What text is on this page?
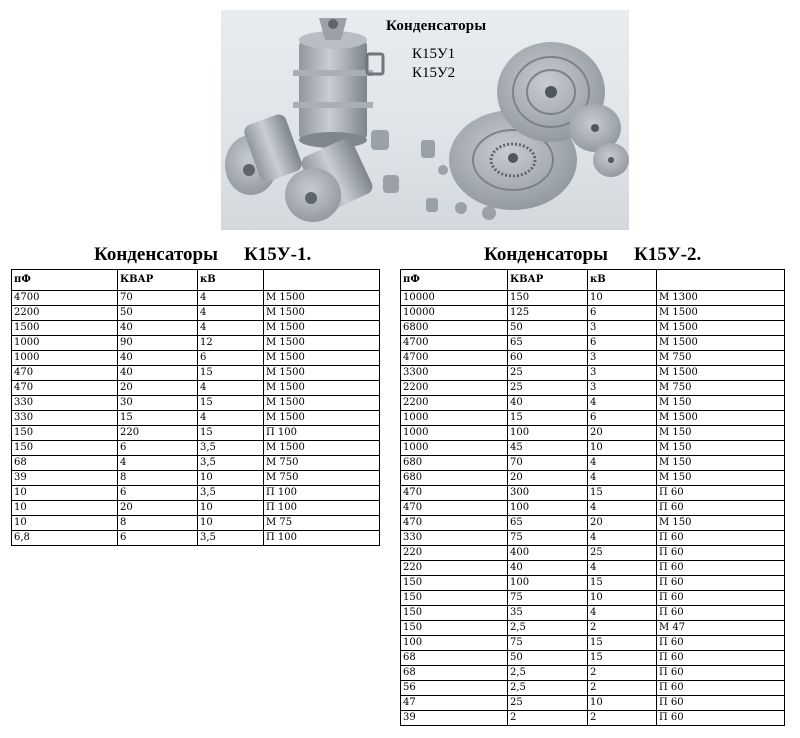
Конденсаторы
К15У1
К15У2
Конденсаторы К15У-1.	Конденсаторы К15У-2.
пФ	КВАР	кВ	
4700	70	4	М 1500
2200	50	4	М 1500
1500	40	4	М 1500
1000	90	12	М 1500
1000	40	6	М 1500
470	40	15	М 1500
470	20	4	М 1500
330	30	15	М 1500
330	15	4	М 1500
150	220	15	П 100
150	6	3,5	М 1500
68	4	3,5	М 750
39	8	10	М 750
10	6	3,5	П 100
10	20	10	П 100
10	8	10	М 75
6,8	6	3,5	П 100
пФ	КВАР	кВ	
10000	150	10	М 1300
10000	125	6	М 1500
6800	50	3	М 1500
4700	65	6	М 1500
4700	60	3	М 750
3300	25	3	М 1500
2200	25	3	М 750
2200	40	4	М 150
1000	15	6	М 1500
1000	100	20	М 150
1000	45	10	М 150
680	70	4	М 150
680	20	4	М 150
470	300	15	П 60
470	100	4	П 60
470	65	20	М 150
330	75	4	П 60
220	400	25	П 60
220	40	4	П 60
150	100	15	П 60
150	75	10	П 60
150	35	4	П 60
150	2,5	2	М 47
100	75	15	П 60
68	50	15	П 60
68	2,5	2	П 60
56	2,5	2	П 60
47	25	10	П 60
39	2	2	П 60
